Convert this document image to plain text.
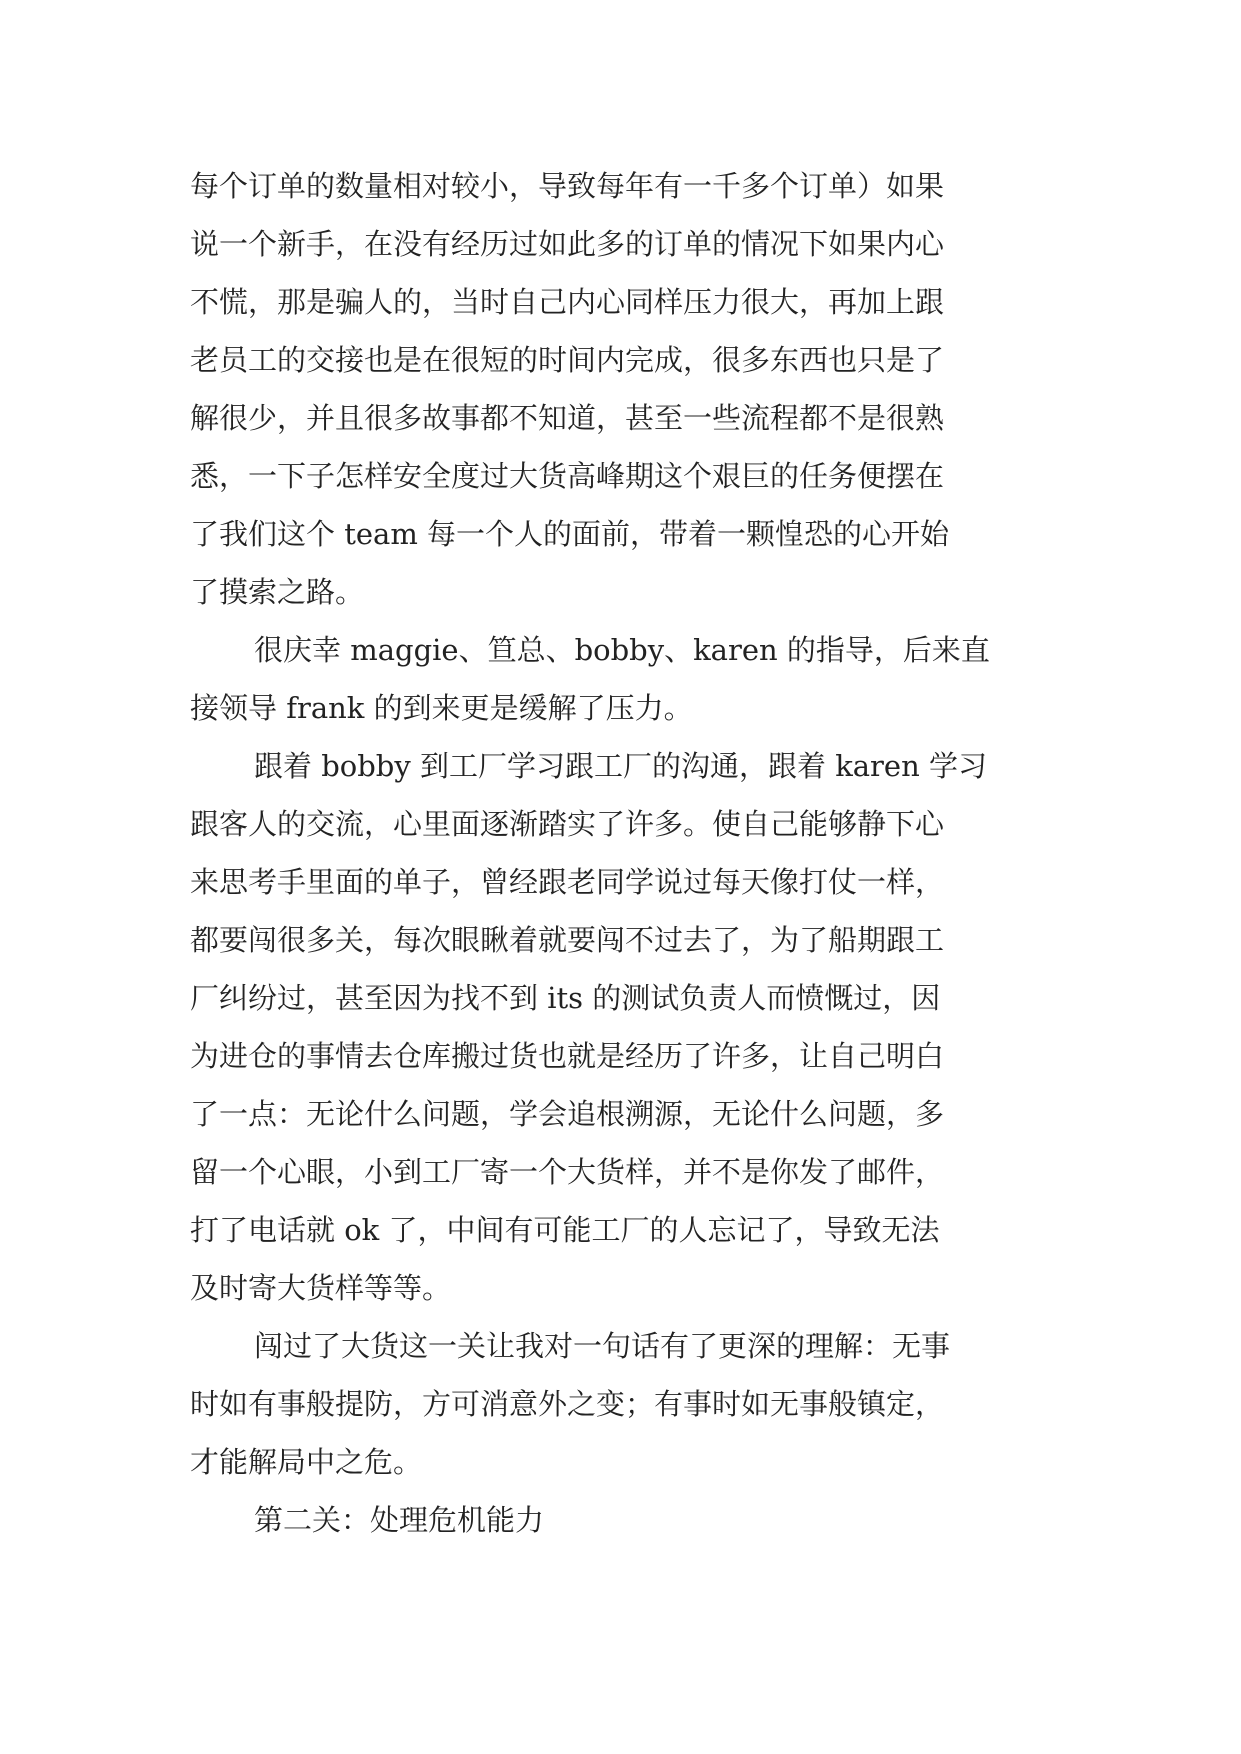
每个订单的数量相对较小，导致每年有一千多个订单）如果
说一个新手，在没有经历过如此多的订单的情况下如果内心
不慌，那是骗人的，当时自己内心同样压力很大，再加上跟
老员工的交接也是在很短的时间内完成，很多东西也只是了
解很少，并且很多故事都不知道，甚至一些流程都不是很熟
悉，一下子怎样安全度过大货高峰期这个艰巨的任务便摆在
了我们这个 team 每一个人的面前，带着一颗惶恐的心开始
了摸索之路。
很庆幸 maggie、笪总、bobby、karen 的指导，后来直
接领导 frank 的到来更是缓解了压力。
跟着 bobby 到工厂学习跟工厂的沟通，跟着 karen 学习
跟客人的交流，心里面逐渐踏实了许多。使自己能够静下心
来思考手里面的单子，曾经跟老同学说过每天像打仗一样，
都要闯很多关，每次眼瞅着就要闯不过去了，为了船期跟工
厂纠纷过，甚至因为找不到 its 的测试负责人而愤慨过，因
为进仓的事情去仓库搬过货也就是经历了许多，让自己明白
了一点：无论什么问题，学会追根溯源，无论什么问题，多
留一个心眼，小到工厂寄一个大货样，并不是你发了邮件，
打了电话就 ok 了，中间有可能工厂的人忘记了，导致无法
及时寄大货样等等。
闯过了大货这一关让我对一句话有了更深的理解：无事
时如有事般提防，方可消意外之变；有事时如无事般镇定，
才能解局中之危。
第二关：处理危机能力
